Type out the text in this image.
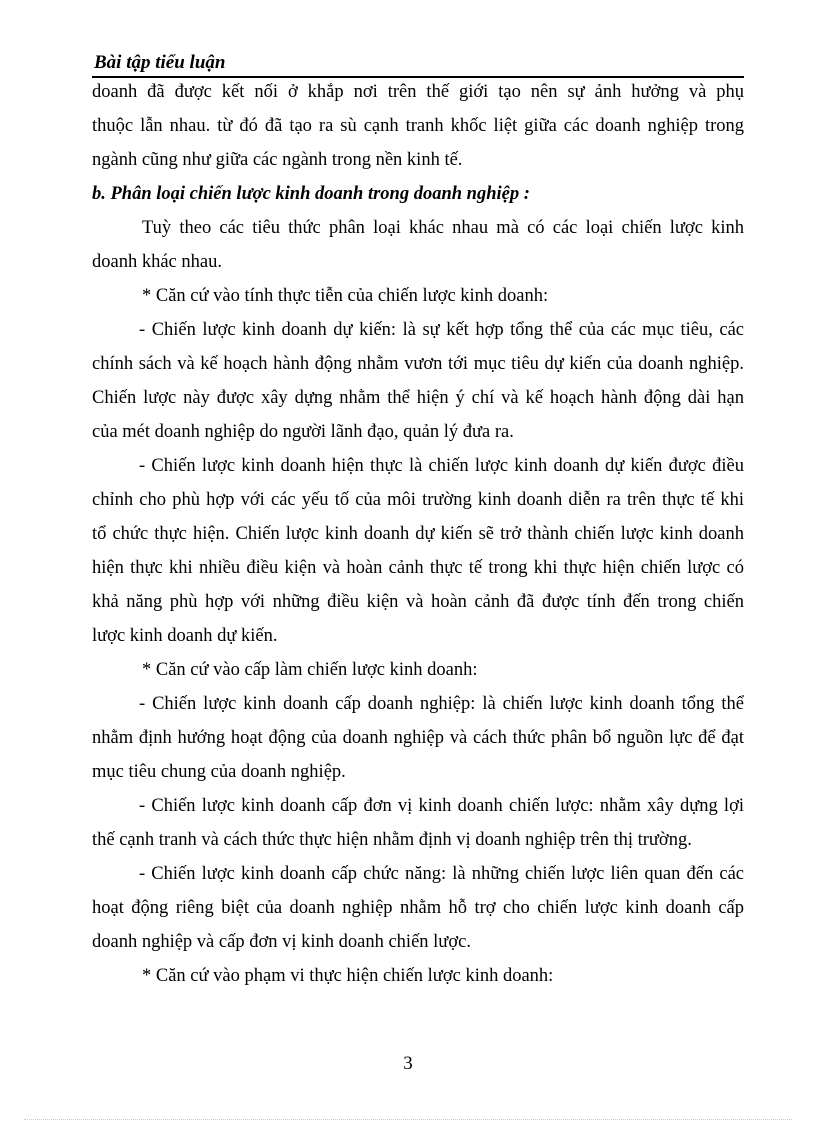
Bài tập tiểu luận
doanh đã được kết nối ở khắp nơi trên thế giới tạo nên sự ảnh hưởng và phụ
thuộc lẫn nhau. từ đó đã tạo ra sù cạnh tranh khốc liệt giữa các doanh nghiệp trong
ngành cũng như giữa các ngành trong nền kinh tế.
b. Phân loại chiến lược kinh doanh trong doanh nghiệp :
Tuỳ theo các tiêu thức phân loại khác nhau mà có các loại chiến lược kinh
doanh khác nhau.
* Căn cứ vào tính thực tiễn của chiến lược kinh doanh:
- Chiến lược kinh doanh dự kiến: là sự kết hợp tổng thể của các mục tiêu, các
chính sách và kế hoạch hành động nhằm vươn tới mục tiêu dự kiến của doanh nghiệp.
Chiến lược này được xây dựng nhằm thể hiện ý chí và kế hoạch hành động dài hạn
của mét doanh nghiệp do người lãnh đạo, quản lý đưa ra.
- Chiến lược kinh doanh hiện thực là chiến lược kinh doanh dự kiến được điều
chỉnh cho phù hợp với các yếu tố của môi trường kinh doanh diễn ra trên thực tế khi
tổ chức thực hiện. Chiến lược kinh doanh dự kiến sẽ trở thành chiến lược kinh doanh
hiện thực khi nhiều điều kiện và hoàn cảnh thực tế trong khi thực hiện chiến lược có
khả năng phù hợp với những điều kiện và hoàn cảnh đã được tính đến trong chiến
lược kinh doanh dự kiến.
* Căn cứ vào cấp làm chiến lược kinh doanh:
- Chiến lược kinh doanh cấp doanh nghiệp: là chiến lược kinh doanh tổng thể
nhằm định hướng hoạt động của doanh nghiệp và cách thức phân bổ nguồn lực để đạt
mục tiêu chung của doanh nghiệp.
- Chiến lược kinh doanh cấp đơn vị kinh doanh chiến lược: nhằm xây dựng lợi
thế cạnh tranh và cách thức thực hiện nhằm định vị doanh nghiệp trên thị trường.
- Chiến lược kinh doanh cấp chức năng: là những chiến lược liên quan đến các
hoạt động riêng biệt của doanh nghiệp nhằm hỗ trợ cho chiến lược kinh doanh cấp
doanh nghiệp và cấp đơn vị kinh doanh chiến lược.
* Căn cứ vào phạm vi thực hiện chiến lược kinh doanh:
3
